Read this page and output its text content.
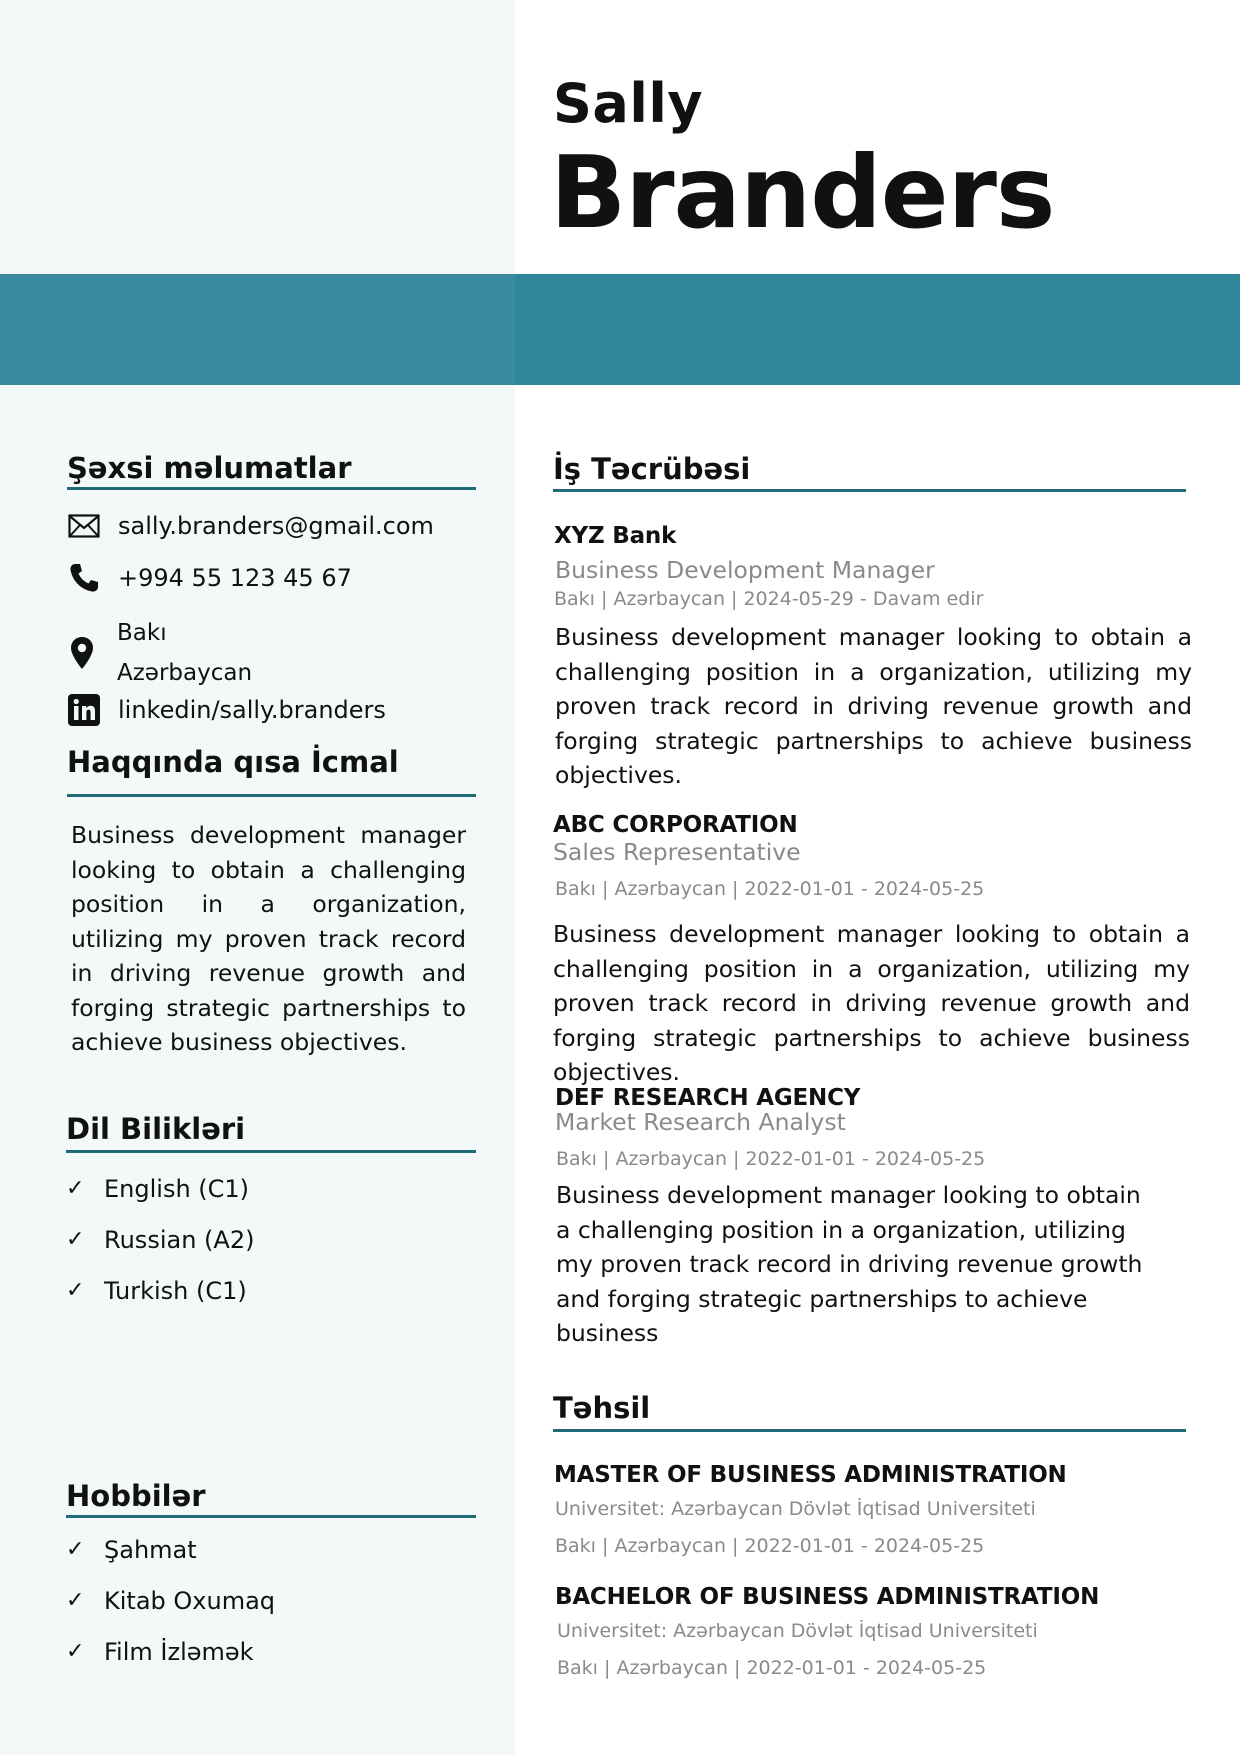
Sally
Branders
Şəxsi məlumatlar
sally.branders@gmail.com
+994 55 123 45 67
Bakı
Azərbaycan
linkedin/sally.branders
Haqqında qısa İcmal

Business development manager looking to obtain a challenging position in a organization, utilizing my proven track record in driving revenue growth and forging strategic partnerships to achieve business objectives.

Dil Bilikləri
✓ English (C1)
✓ Russian (A2)
✓ Turkish (C1)
Hobbilər
✓ Şahmat
✓ Kitab Oxumaq
✓ Film İzləmək
İş Təcrübəsi
XYZ Bank
Business Development Manager
Bakı | Azərbaycan | 2024-05-29 - Davam edir

Business development manager looking to obtain a challenging position in a organization, utilizing my proven track record in driving revenue growth and forging strategic partnerships to achieve business objectives.

ABC CORPORATION
Sales Representative
Bakı | Azərbaycan | 2022-01-01 - 2024-05-25

Business development manager looking to obtain a challenging position in a organization, utilizing my proven track record in driving revenue growth and forging strategic partnerships to achieve business objectives.

DEF RESEARCH AGENCY
Market Research Analyst
Bakı | Azərbaycan | 2022-01-01 - 2024-05-25

Business development manager looking to obtain a challenging position in a organization, utilizing my proven track record in driving revenue growth and forging strategic partnerships to achieve business

Təhsil
MASTER OF BUSINESS ADMINISTRATION
Universitet: Azərbaycan Dövlət İqtisad Universiteti
Bakı | Azərbaycan | 2022-01-01 - 2024-05-25
BACHELOR OF BUSINESS ADMINISTRATION
Universitet: Azərbaycan Dövlət İqtisad Universiteti
Bakı | Azərbaycan | 2022-01-01 - 2024-05-25
